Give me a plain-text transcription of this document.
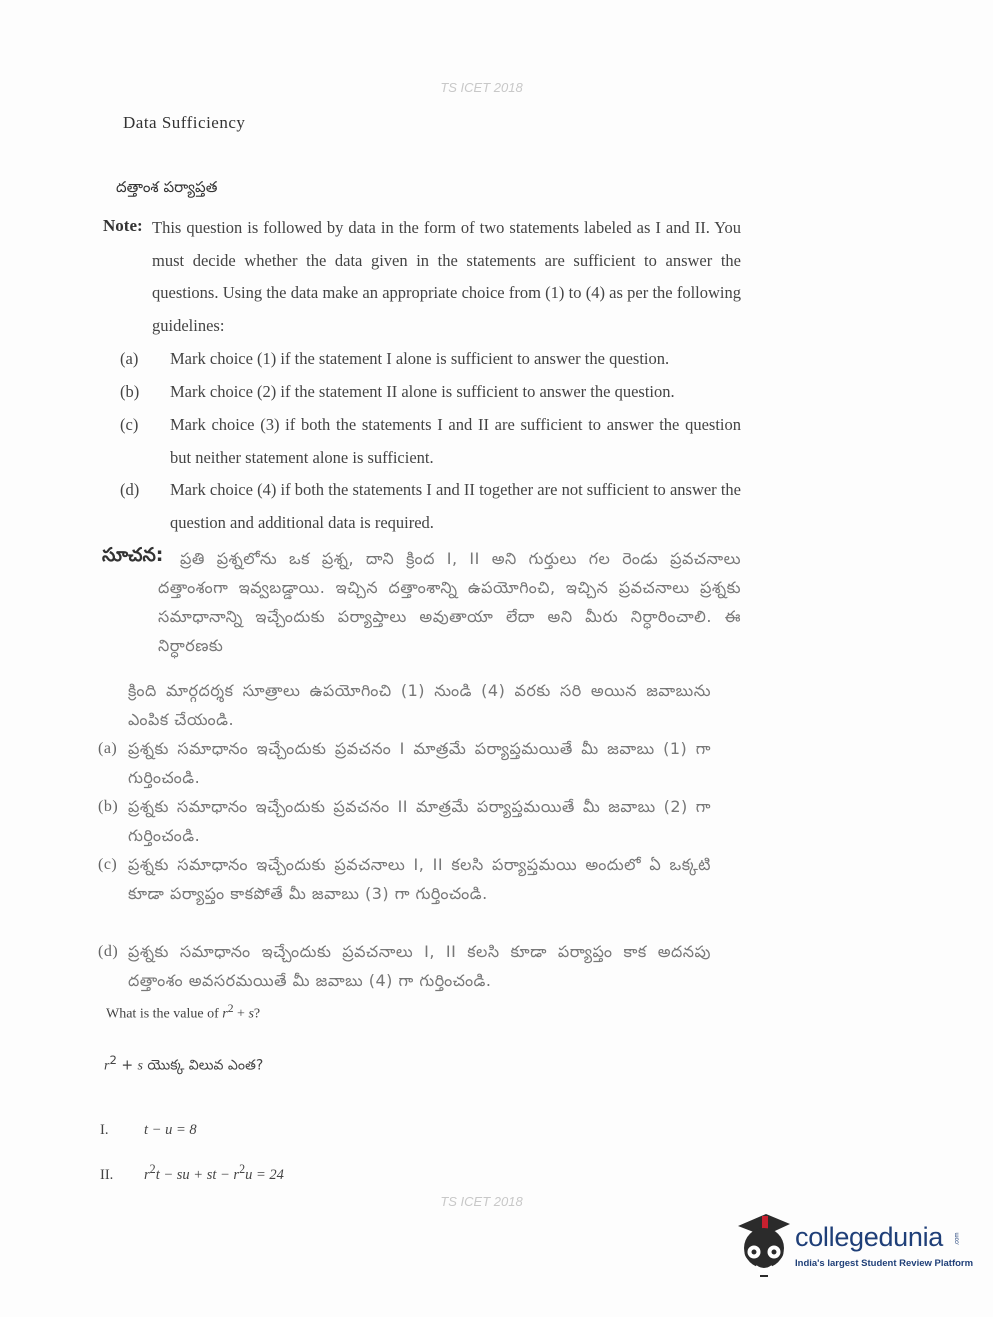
TS ICET 2018
Data Sufficiency
దత్తాంశ పర్యాప్తత
Note: This question is followed by data in the form of two statements labeled as I and II. You must decide whether the data given in the statements are sufficient to answer the questions. Using the data make an appropriate choice from (1) to (4) as per the following guidelines:
(a) Mark choice (1) if the statement I alone is sufficient to answer the question.
(b) Mark choice (2) if the statement II alone is sufficient to answer the question.
(c) Mark choice (3) if both the statements I and II are sufficient to answer the question but neither statement alone is sufficient.
(d) Mark choice (4) if both the statements I and II together are not sufficient to answer the question and additional data is required.
సూచన:	ప్రతి ప్రశ్నలోను ఒక ప్రశ్న, దాని క్రింద I, II అని గుర్తులు గల రెండు ప్రవచనాలు దత్తాంశంగా ఇవ్వబడ్డాయి. ఇచ్చిన దత్తాంశాన్ని ఉపయోగించి, ఇచ్చిన ప్రవచనాలు ప్రశ్నకు సమాధానాన్ని ఇచ్చేందుకు పర్యాప్తాలు అవుతాయా లేదా అని మీరు నిర్ధారించాలి. ఈ నిర్ధారణకు
క్రింది మార్గదర్శక సూత్రాలు ఉపయోగించి (1) నుండి (4) వరకు సరి అయిన జవాబును ఎంపిక చేయండి.
(a) ప్రశ్నకు సమాధానం ఇచ్చేందుకు ప్రవచనం I మాత్రమే పర్యాప్తమయితే మీ జవాబు (1) గా గుర్తించండి.
(b) ప్రశ్నకు సమాధానం ఇచ్చేందుకు ప్రవచనం II మాత్రమే పర్యాప్తమయితే మీ జవాబు (2) గా గుర్తించండి.
(c) ప్రశ్నకు సమాధానం ఇచ్చేందుకు ప్రవచనాలు I, II కలసి పర్యాప్తమయి అందులో ఏ ఒక్కటి కూడా పర్యాప్తం కాకపోతే మీ జవాబు (3) గా గుర్తించండి.
(d) ప్రశ్నకు సమాధానం ఇచ్చేందుకు ప్రవచనాలు I, II కలసి కూడా పర్యాప్తం కాక అదనపు దత్తాంశం అవసరమయితే మీ జవాబు (4) గా గుర్తించండి.
What is the value of $r^2 + s$?
$r^2 + s$ యొక్క విలువ ఎంత?
I. t − u = 8
II. $r^2t$ − su + st − $r^2u = 24$
TS ICET 2018
collegedunia .com
India's largest Student Review Platform
